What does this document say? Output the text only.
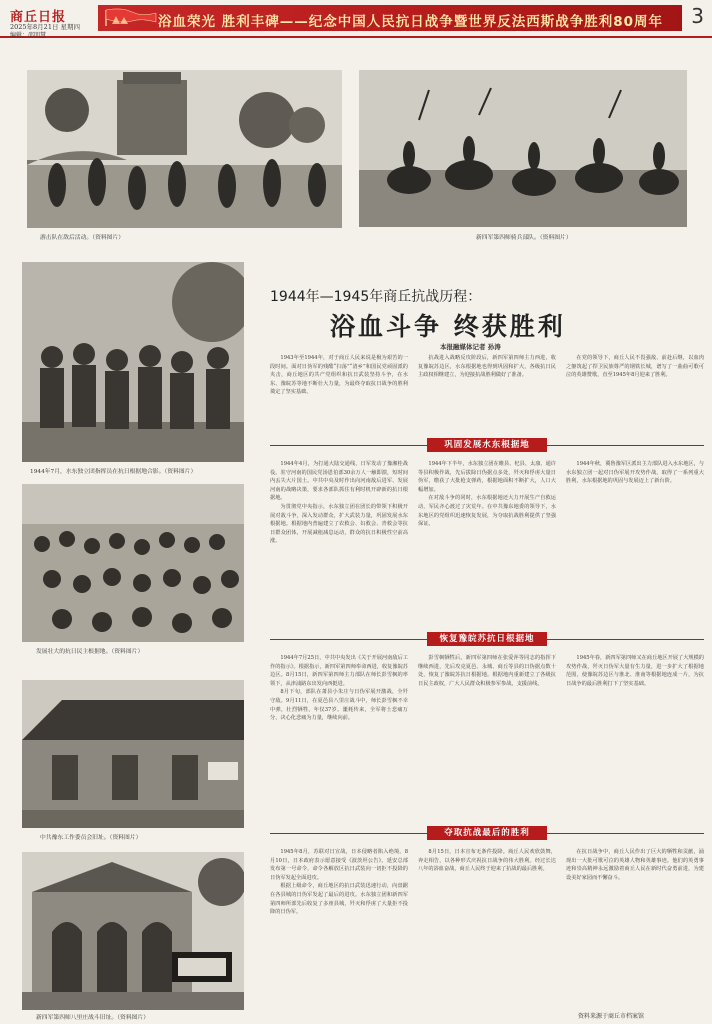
商丘日报
2025年8月21日 星期四
编辑：邵明慧
浴血荣光 胜利丰碑——纪念中国人民抗日战争暨世界反法西斯战争胜利80周年 3
游击队在敌后活动。（资料图片）	新四军第四师骑兵部队。（资料图片）
1944年7月，水东独立团指挥员在抗日根据地合影。（资料图片）
发展壮大的抗日民主根据地。（资料图片）
中共豫东工作委员会旧址。（资料图片）
新四军第四师八里庄战斗旧址。（资料图片）
1944年—1945年商丘抗战历程：
浴血斗争 终获胜利
本报融媒体记者 孙涛

1943年至1944年，对于商丘人民来说是极为艰苦的一段时间。面对日伪军的残酷“扫荡”“清乡”和国民党顽固派的夹击，商丘地区的共产党组织和抗日武装坚持斗争，在水东、豫皖苏等地不断壮大力量，为最终夺取抗日战争的胜利奠定了坚实基础。

抗战进入战略反攻阶段后，新四军第四师主力西进，收复豫皖苏边区，水东根据地也得到巩固和扩大，各级抗日民主政权相继建立，为迎接抗战胜利做好了准备。

在党的领导下，商丘人民不畏强敌、前赴后继，以血肉之躯筑起了捍卫民族尊严的钢铁长城，谱写了一曲曲可歌可泣的英雄赞歌，直至1945年8月迎来了胜利。

巩固发展水东根据地

1944年4月，为打通大陆交通线，日军发动了豫湘桂战役。驻守河南的国民党汤恩伯部30余万人一触即溃，短时间内丢失大片国土。中共中央及时作出向河南敌后进军、发展河南的战略决策，要求各部队抓住有利时机开辟新的抗日根据地。

为贯彻党中央指示，水东独立团在团长的带领下积极开展对敌斗争，深入发动群众，扩大武装力量，巩固发展水东根据地。根据地内普遍建立了农救会、妇救会、青救会等抗日群众团体，开展减租减息运动，群众的抗日积极性空前高涨。

1944年下半年，水东独立团在睢县、杞县、太康、通许等县积极作战，先后拔除日伪据点多处，歼灭和俘虏大量日伪军，缴获了大批枪支弹药，根据地面积不断扩大，人口大幅增加。

在对敌斗争的同时，水东根据地还大力开展生产自救运动，军民齐心渡过了灾荒年。在中共豫东地委的领导下，水东地区的党组织迅速恢复发展，为夺取抗战胜利提供了坚强保证。

1944年秋，冀鲁豫军区派出主力部队进入水东地区，与水东独立团一起对日伪军展开攻势作战，取得了一系列重大胜利，水东根据地的巩固与发展迈上了新台阶。

恢复豫皖苏抗日根据地

1944年7月25日，中共中央发出《关于开展河南敌后工作的指示》。根据指示，新四军第四师奉命西进，收复豫皖苏边区。8月15日，新四军第四师主力部队在师长彭雪枫的率领下，从津浦路东出发向西挺进。

8月下旬，部队在萧县小朱庄与日伪军展开激战，全歼守敌。9月11日，在夏邑县八里庄战斗中，师长彭雪枫不幸中弹，壮烈牺牲，年仅37岁。噩耗传来，全军将士悲痛万分，决心化悲痛为力量，继续向前。

彭雪枫牺牲后，新四军第四师在张爱萍等同志的指挥下继续西进，先后攻克夏邑、永城、商丘等县的日伪据点数十处，恢复了豫皖苏抗日根据地。根据地内重新建立了各级抗日民主政权，广大人民群众积极参军参战，支援前线。

1945年春，新四军第四师又在商丘地区开展了大规模的攻势作战，歼灭日伪军大量有生力量，进一步扩大了根据地范围，使豫皖苏边区与淮北、淮南等根据地连成一片，为抗日战争的最后胜利打下了坚实基础。

夺取抗战最后的胜利

1945年8月，苏联对日宣战，日本侵略者陷入绝境。8月10日，日本政府表示愿意接受《波茨坦公告》。延安总部发布第一号命令，命令各解放区抗日武装向一切拒不投降的日伪军发起全面进攻。

根据上级命令，商丘地区的抗日武装迅速行动，向盘踞在各县城的日伪军发起了最后的进攻。水东独立团和新四军第四师所部先后收复了多座县城，歼灭和俘虏了大量拒不投降的日伪军。

8月15日，日本宣布无条件投降。商丘人民欢欣鼓舞，奔走相告，以各种形式庆祝抗日战争的伟大胜利。经过长达八年的浴血奋战，商丘人民终于迎来了抗战的最后胜利。

在抗日战争中，商丘人民作出了巨大的牺牲和贡献，涌现出一大批可歌可泣的英雄人物和英雄事迹。他们的英勇事迹和崇高精神永远激励着商丘人民在新时代奋勇前进，为建设美好家园而不懈奋斗。

资料来源于商丘市档案馆
